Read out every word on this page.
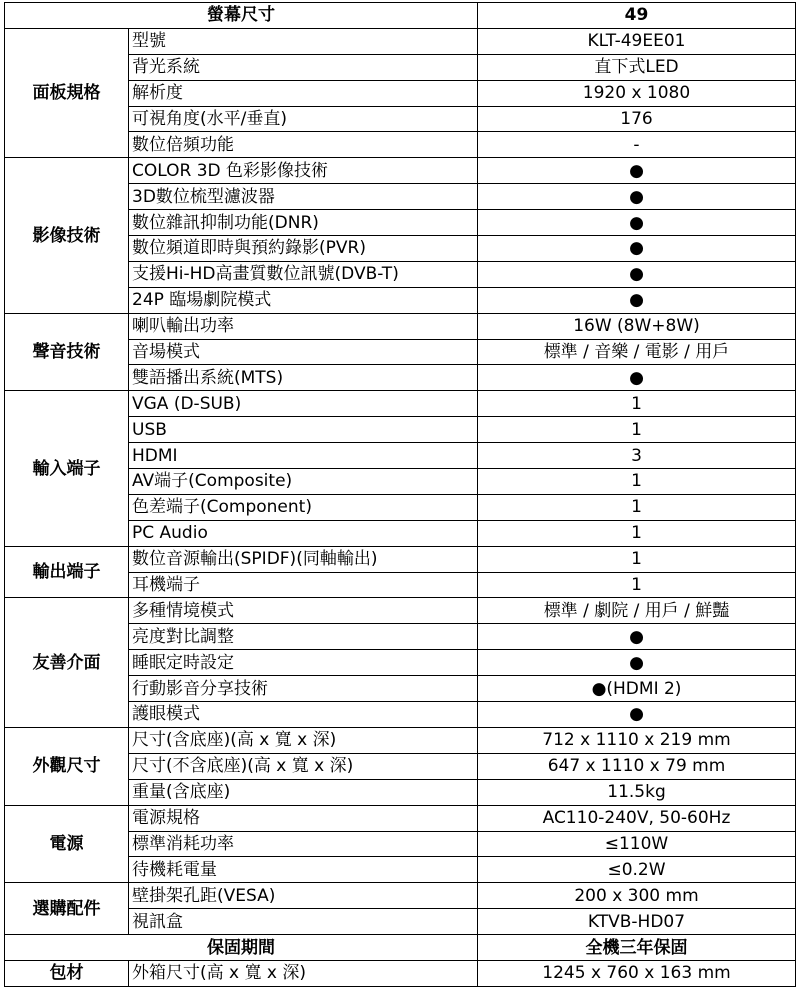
螢幕尺寸		49
面板規格	型號	KLT-49EE01
	背光系統	直下式LED
	解析度	1920 x 1080
	可視角度(水平/垂直)	176
	數位倍頻功能	-
影像技術	COLOR 3D 色彩影像技術	●
	3D數位梳型濾波器	●
	數位雜訊抑制功能(DNR)	●
	數位頻道即時與預約錄影(PVR)	●
	支援Hi-HD高畫質數位訊號(DVB-T)	●
	24P 臨場劇院模式	●
聲音技術	喇叭輸出功率	16W (8W+8W)
	音場模式	標準 / 音樂 / 電影 / 用戶
	雙語播出系統(MTS)	●
輸入端子	VGA (D-SUB)	1
	USB	1
	HDMI	3
	AV端子(Composite)	1
	色差端子(Component)	1
	PC Audio	1
輸出端子	數位音源輸出(SPIDF)(同軸輸出)	1
	耳機端子	1
友善介面	多種情境模式	標準 / 劇院 / 用戶 / 鮮豔
	亮度對比調整	●
	睡眠定時設定	●
	行動影音分享技術	●(HDMI 2)
	護眼模式	●
外觀尺寸	尺寸(含底座)(高 x 寬 x 深)	712 x 1110 x 219 mm
	尺寸(不含底座)(高 x 寬 x 深)	647 x 1110 x 79 mm
	重量(含底座)	11.5kg
電源	電源規格	AC110-240V, 50-60Hz
	標準消耗功率	≤110W
	待機耗電量	≤0.2W
選購配件	壁掛架孔距(VESA)	200 x 300 mm
	視訊盒	KTVB-HD07
保固期間		全機三年保固
包材	外箱尺寸(高 x 寬 x 深)	1245 x 760 x 163 mm
